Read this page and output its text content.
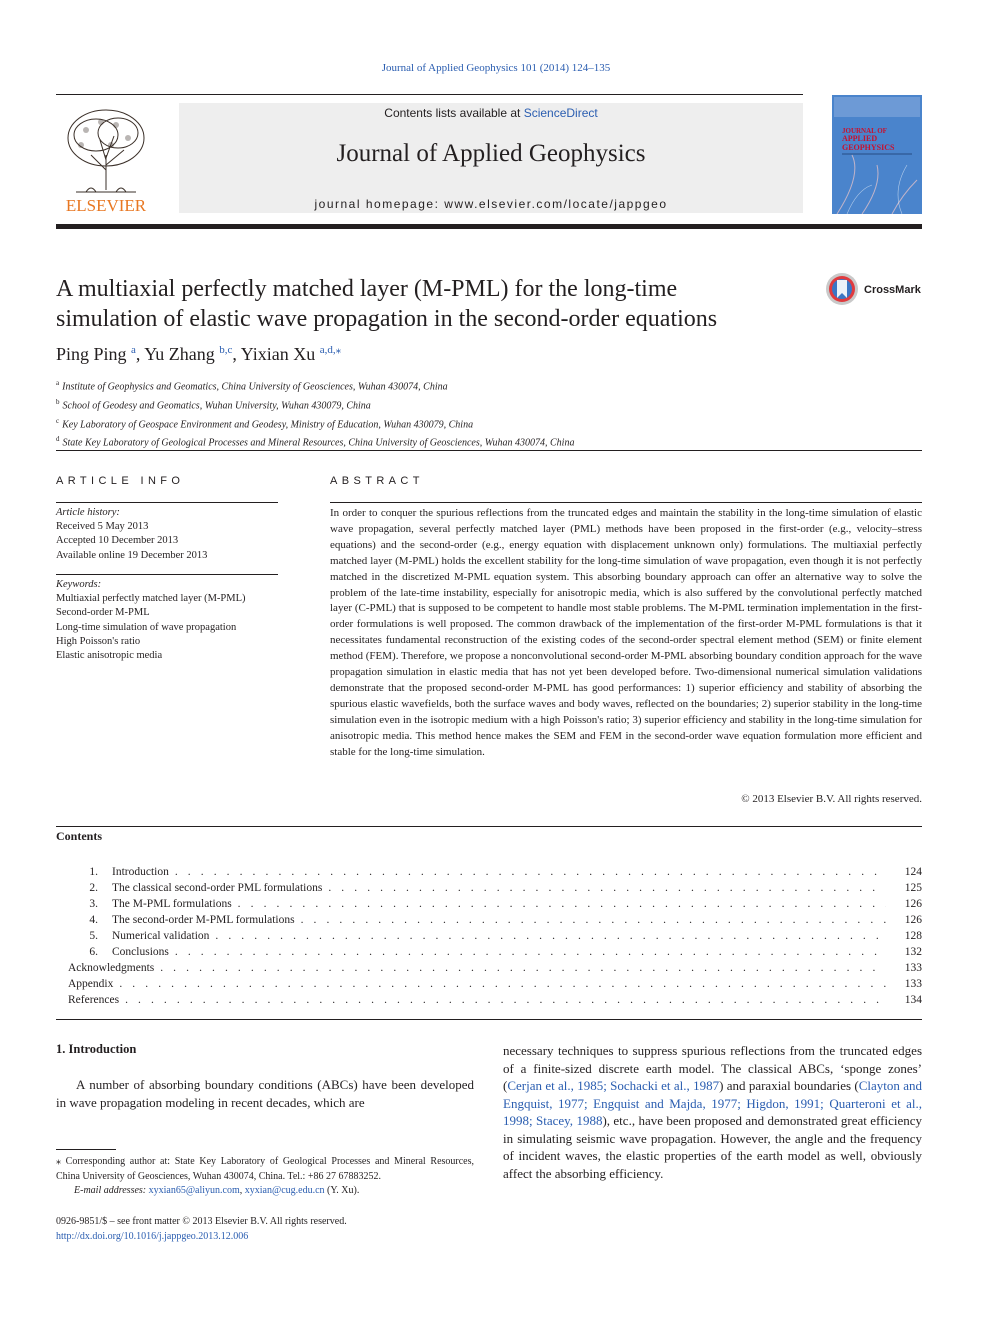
Journal of Applied Geophysics 101 (2014) 124–135
ELSEVIER
Contents lists available at ScienceDirect
Journal of Applied Geophysics
journal homepage: www.elsevier.com/locate/jappgeo
JOURNAL OF
APPLIED
GEOPHYSICS
A multiaxial perfectly matched layer (M-PML) for the long-time
simulation of elastic wave propagation in the second-order equations
CrossMark
Ping Ping $^a$, Yu Zhang $^{b,c}$, Yixian Xu $^{a,d,⁎}$
$^a$ Institute of Geophysics and Geomatics, China University of Geosciences, Wuhan 430074, China
$^b$ School of Geodesy and Geomatics, Wuhan University, Wuhan 430079, China
$^c$ Key Laboratory of Geospace Environment and Geodesy, Ministry of Education, Wuhan 430079, China
$^d$ State Key Laboratory of Geological Processes and Mineral Resources, China University of Geosciences, Wuhan 430074, China
ARTICLE INFO	ABSTRACT
Article history:
Received 5 May 2013
Accepted 10 December 2013
Available online 19 December 2013
Keywords:
Multiaxial perfectly matched layer (M-PML)
Second-order M-PML
Long-time simulation of wave propagation
High Poisson's ratio
Elastic anisotropic media

In order to conquer the spurious reflections from the truncated edges and maintain the stability in the long-time simulation of elastic wave propagation, several perfectly matched layer (PML) methods have been proposed in the first-order (e.g., velocity–stress equations) and the second-order (e.g., energy equation with displacement unknown only) formulations. The multiaxial perfectly matched layer (M-PML) holds the excellent stability for the long-time simulation of wave propagation, even though it is not perfectly matched in the discretized M-PML equation system. This absorbing boundary approach can offer an alternative way to solve the problem of the late-time instability, especially for anisotropic media, which is also suffered by the convolutional perfectly matched layer (C-PML) that is supposed to be competent to handle most stable problems. The M-PML termination implementation in the first-order formulations is well proposed. The common drawback of the implementation of the first-order M-PML formulations is that it necessitates fundamental reconstruction of the existing codes of the second-order spectral element method (SEM) or finite element method (FEM). Therefore, we propose a nonconvolutional second-order M-PML absorbing boundary condition approach for the wave propagation simulation in elastic media that has not yet been developed before. Two-dimensional numerical simulation validations demonstrate that the proposed second-order M-PML has good performances: 1) superior efficiency and stability of absorbing the spurious elastic wavefields, both the surface waves and body waves, reflected on the boundaries; 2) superior stability in the long-time simulation even in the isotropic medium with a high Poisson's ratio; 3) superior efficiency and stability in the long-time simulation for anisotropic media. This method hence makes the SEM and FEM in the second-order wave equation formulation more efficient and stable for the long-time simulation.

© 2013 Elsevier B.V. All rights reserved.
Contents
1. Introduction . . .	124
2. The classical second-order PML formulations . . .	125
3. The M-PML formulations . . .	126
4. The second-order M-PML formulations . . .	126
5. Numerical validation . . .	128
6. Conclusions . . .	132
Acknowledgments . . .	133
Appendix . . .	133
References . . .	134
1. Introduction
A number of absorbing boundary conditions (ABCs) have been developed in wave propagation modeling in recent decades, which are
necessary techniques to suppress spurious reflections from the truncated edges of a finite-sized discrete earth model. The classical ABCs, ‘sponge zones’ (Cerjan et al., 1985; Sochacki et al., 1987) and paraxial boundaries (Clayton and Engquist, 1977; Engquist and Majda, 1977; Higdon, 1991; Quarteroni et al., 1998; Stacey, 1988), etc., have been proposed and demonstrated great efficiency in simulating seismic wave propagation. However, the angle and the frequency of incident waves, the elastic properties of the earth model as well, obviously affect the absorbing efficiency.
⁎ Corresponding author at: State Key Laboratory of Geological Processes and Mineral Resources, China University of Geosciences, Wuhan 430074, China. Tel.: +86 27 67883252.
E-mail addresses: xyxian65@aliyun.com, xyxian@cug.edu.cn (Y. Xu).
0926-9851/$ – see front matter © 2013 Elsevier B.V. All rights reserved.
http://dx.doi.org/10.1016/j.jappgeo.2013.12.006
